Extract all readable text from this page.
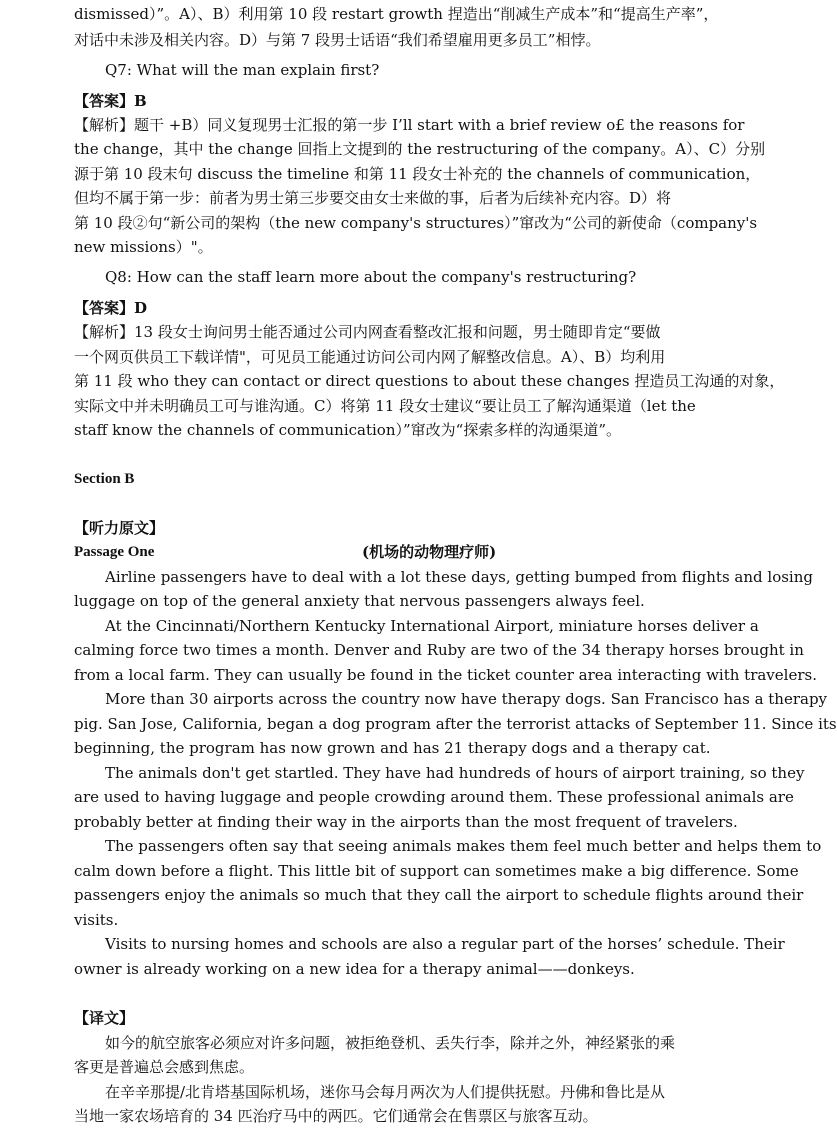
dismissed）”。A）、B）利用第 10 段 restart growth 捏造出“削减生产成本”和“提高生产率”，
对话中未涉及相关内容。D）与第 7 段男士话语“我们希望雇用更多员工”相悖。
Q7: What will the man explain first?
【答案】B
【解析】题干 +B）同义复现男士汇报的第一步 I’ll start with a brief review o£ the reasons for
the change，其中 the change 回指上文提到的 the restructuring of the company。A）、C）分别
源于第 10 段末句 discuss the timeline 和第 11 段女士补充的 the channels of communication，
但均不属于第一步：前者为男士第三步要交由女士来做的事，后者为后续补充内容。D）将
第 10 段②句“新公司的架构（the new company's structures）”窜改为“公司的新使命（company's
new missions）"。
Q8: How can the staff learn more about the company's restructuring?
【答案】D
【解析】13 段女士询问男士能否通过公司内网查看整改汇报和问题，男士随即肯定“要做
一个网页供员工下载详情"，可见员工能通过访问公司内网了解整改信息。A）、B）均利用
第 11 段 who they can contact or direct questions to about these changes 捏造员工沟通的对象，
实际文中并未明确员工可与谁沟通。C）将第 11 段女士建议“要让员工了解沟通渠道（let the
staff know the channels of communication）”窜改为“探索多样的沟通渠道”。
Section B
【听力原文】
Passage One	(机场的动物理疗师)
Airline passengers have to deal with a lot these days, getting bumped from flights and losing
luggage on top of the general anxiety that nervous passengers always feel.
At the Cincinnati/Northern Kentucky International Airport, miniature horses deliver a
calming force two times a month. Denver and Ruby are two of the 34 therapy horses brought in
from a local farm. They can usually be found in the ticket counter area interacting with travelers.
More than 30 airports across the country now have therapy dogs. San Francisco has a therapy
pig. San Jose, California, began a dog program after the terrorist attacks of September 11. Since its
beginning, the program has now grown and has 21 therapy dogs and a therapy cat.
The animals don't get startled. They have had hundreds of hours of airport training, so they
are used to having luggage and people crowding around them. These professional animals are
probably better at finding their way in the airports than the most frequent of travelers.
The passengers often say that seeing animals makes them feel much better and helps them to
calm down before a flight. This little bit of support can sometimes make a big difference. Some
passengers enjoy the animals so much that they call the airport to schedule flights around their
visits.
Visits to nursing homes and schools are also a regular part of the horses’ schedule. Their
owner is already working on a new idea for a therapy animal——donkeys.
【译文】
如今的航空旅客必须应对许多问题，被拒绝登机、丢失行李，除并之外，神经紧张的乘
客更是普遍总会感到焦虑。
在辛辛那提/北肯塔基国际机场，迷你马会每月两次为人们提供抚慰。丹佛和鲁比是从
当地一家农场培育的 34 匹治疗马中的两匹。它们通常会在售票区与旅客互动。
